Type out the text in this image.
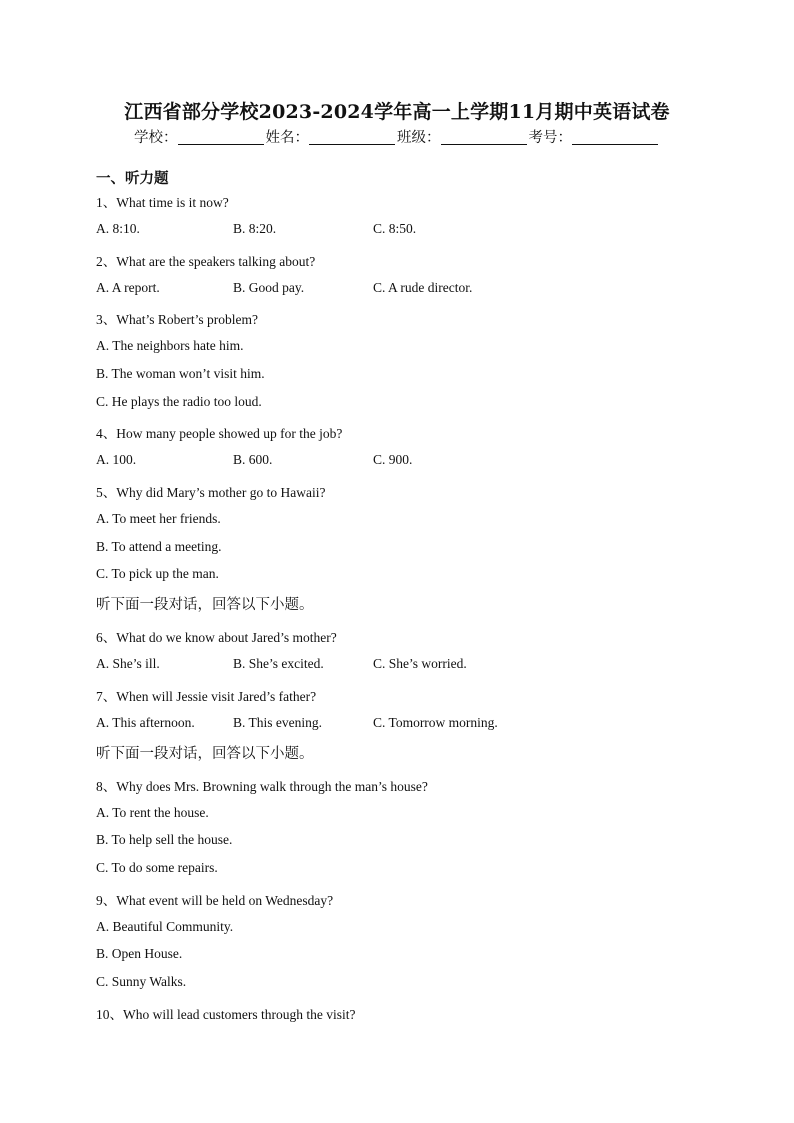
江西省部分学校2023-2024学年高一上学期11月期中英语试卷
学校：	姓名：	班级：	考号：
一、听力题
1、What time is it now?
A. 8:10.	B. 8:20.	C. 8:50.
2、What are the speakers talking about?
A. A report.	B. Good pay.	C. A rude director.
3、What’s Robert’s problem?
A. The neighbors hate him.
B. The woman won’t visit him.
C. He plays the radio too loud.
4、How many people showed up for the job?
A. 100.	B. 600.	C. 900.
5、Why did Mary’s mother go to Hawaii?
A. To meet her friends.
B. To attend a meeting.
C. To pick up the man.
听下面一段对话，回答以下小题。
6、What do we know about Jared’s mother?
A. She’s ill.	B. She’s excited.	C. She’s worried.
7、When will Jessie visit Jared’s father?
A. This afternoon.	B. This evening.	C. Tomorrow morning.
听下面一段对话，回答以下小题。
8、Why does Mrs. Browning walk through the man’s house?
A. To rent the house.
B. To help sell the house.
C. To do some repairs.
9、What event will be held on Wednesday?
A. Beautiful Community.
B. Open House.
C. Sunny Walks.
10、Who will lead customers through the visit?
